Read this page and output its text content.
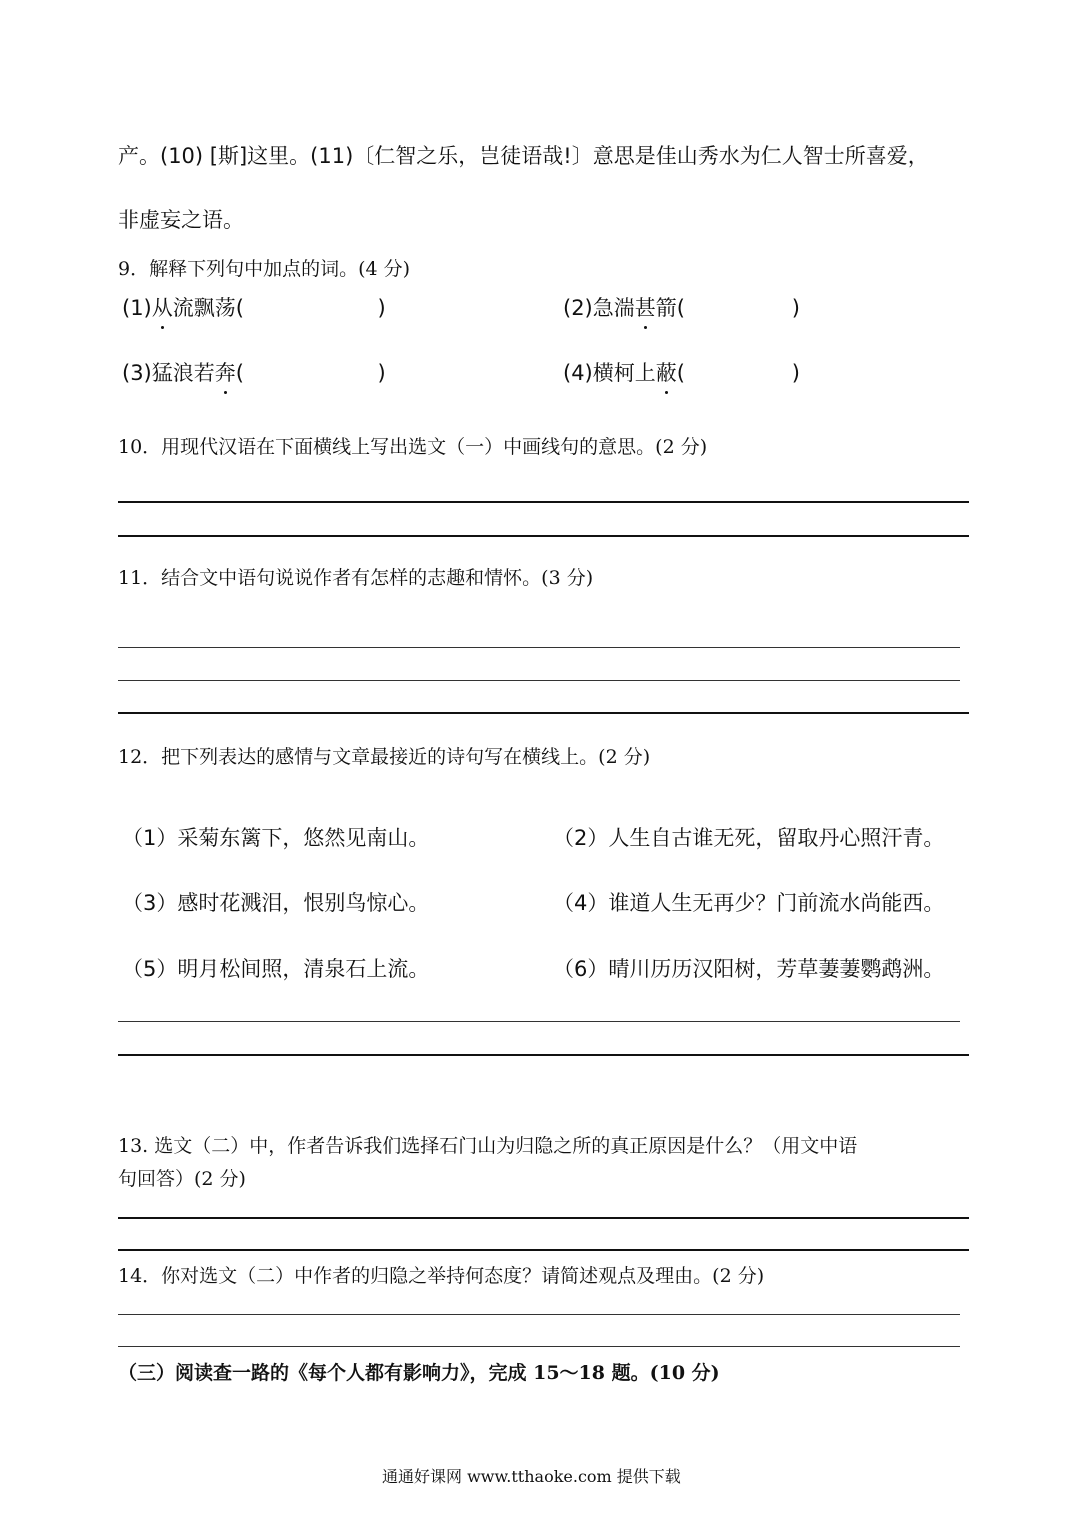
产。(10) [斯]这里。(11)〔仁智之乐，岂徒语哉!〕意思是佳山秀水为仁人智士所喜爱，
非虚妄之语。
9．解释下列句中加点的词。(4 分)
(1)从流飘荡(                    )	(2)急湍甚箭(                )
(3)猛浪若奔(                    )	(4)横柯上蔽(                )
10．用现代汉语在下面横线上写出选文（一）中画线句的意思。(2 分)
11．结合文中语句说说作者有怎样的志趣和情怀。(3 分)
12．把下列表达的感情与文章最接近的诗句写在横线上。(2 分)
（1）采菊东篱下，悠然见南山。	（2）人生自古谁无死，留取丹心照汗青。
（3）感时花溅泪，恨别鸟惊心。	（4）谁道人生无再少？门前流水尚能西。
（5）明月松间照，清泉石上流。	（6）晴川历历汉阳树，芳草萋萋鹦鹉洲。
13. 选文（二）中，作者告诉我们选择石门山为归隐之所的真正原因是什么？（用文中语
句回答）(2 分)
14．你对选文（二）中作者的归隐之举持何态度？请简述观点及理由。(2 分)
（三）阅读查一路的《每个人都有影响力》，完成 15～18 题。(10 分)
通通好课网 www.tthaoke.com 提供下载
